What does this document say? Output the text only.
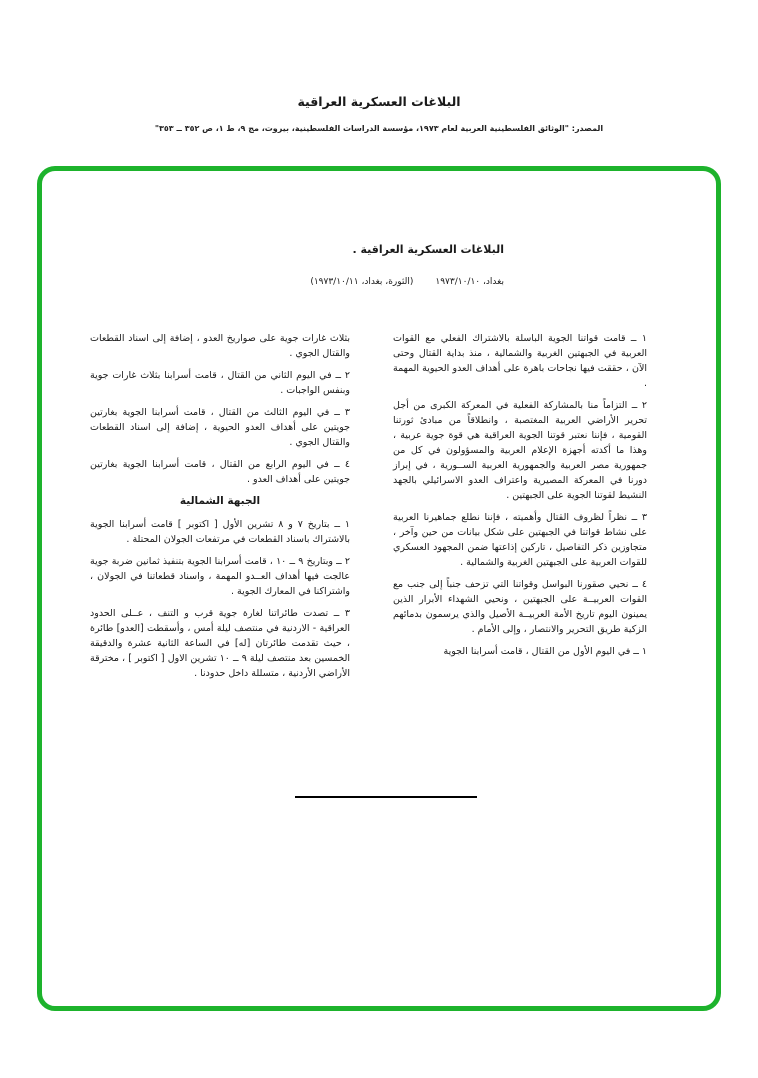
البلاغات العسكرية العراقية
المصدر: "الوثائق الفلسطينية العربية لعام ١٩٧٣، مؤسسة الدراسات الفلسطينية، بيروت، مج ٩، ط ١، ص ٣٥٢ ــ ٣٥٣"
البلاغات العسكرية العراقية .
بغداد، ١٩٧٣/١٠/١٠
(الثورة، بغداد، ١٩٧٣/١٠/١١)

١ ــ قامت قواتنا الجوية الباسلة بالاشتراك الفعلي مع القوات العربية في الجبهتين الغربية والشمالية ، منذ بداية القتال وحتى الآن ، حققت فيها نجاحات باهرة على أهداف العدو الحيوية المهمة .

٢ ــ التزاماً منا بالمشاركة الفعلية في المعركة الكبرى من أجل تحرير الأراضي العربية المغتصبة ، وانطلاقاً من مبادئ ثورتنا القومية ، فإننا نعتبر قوتنا الجوية العراقية هي قوة جوية عربية ، وهذا ما أكدته أجهزة الإعلام العربية والمسؤولون في كل من جمهورية مصر العربية والجمهورية العربية الســورية ، في إبراز دورنا في المعركة المصيرية واعتراف العدو الاسرائيلي بالجهد النشيط لقوتنا الجوية على الجبهتين .

٣ ــ نظراً لظروف القتال وأهميته ، فإننا نطلع جماهيرنا العربية على نشاط قواتنا في الجبهتين على شكل بيانات من حين وآخر ، متجاوزين ذكر التفاصيل ، تاركين إذاعتها ضمن المجهود العسكري للقوات العربية على الجبهتين الغربية والشمالية .

٤ ــ نحيي صقورنا البواسل وقواتنا التي تزحف جنباً إلى جنب مع القوات العربيــة على الجبهتين ، ونحيي الشهداء الأبرار الذين يمينون اليوم تاريخ الأمة العربيــة الأصيل والذي يرسمون بدمائهم الزكية طريق التحرير والانتصار ، وإلى الأمام .

١ ــ في اليوم الأول من القتال ، قامت أسرابنا الجوية

بثلاث غارات جوية على صواريخ العدو ، إضافة إلى اسناد القطعات والقتال الجوي .

٢ ــ في اليوم الثاني من القتال ، قامت أسرابنا بثلاث غارات جوية وبنفس الواجبات .

٣ ــ في اليوم الثالث من القتال ، قامت أسرابنا الجوية بغارتين جويتين على أهداف العدو الحيوية ، إضافة إلى اسناد القطعات والقتال الجوي .

٤ ــ في اليوم الرابع من القتال ، قامت أسرابنا الجوية بغارتين جويتين على أهداف العدو .

الجبهة الشمالية

١ ــ بتاريخ ٧ و ٨ تشرين الأول [ اكتوبر ] قامت أسرابنا الجوية بالاشتراك باسناد القطعات في مرتفعات الجولان المحتلة .

٢ ــ وبتاريخ ٩ ــ ١٠ ، قامت أسرابنا الجوية بتنفيذ ثمانين ضربة جوية عالجت فيها أهداف العــدو المهمة ، واسناد قطعاتنا في الجولان ، واشتراكنا في المعارك الجوية .

٣ ــ تصدت طائراتنا لغارة جوية قرب و التنف ، عــلى الحدود العراقية - الاردنية في منتصف ليلة أمس ، وأسقطت [العدو] طائرة ، حيث تقدمت طائرتان [له] في الساعة الثانية عشرة والدقيقة الخمسين بعد منتصف ليلة ٩ ــ ١٠ تشرين الاول [ اكتوبر ] ، مخترقة الأراضي الأردنية ، متسللة داخل حدودنا .
